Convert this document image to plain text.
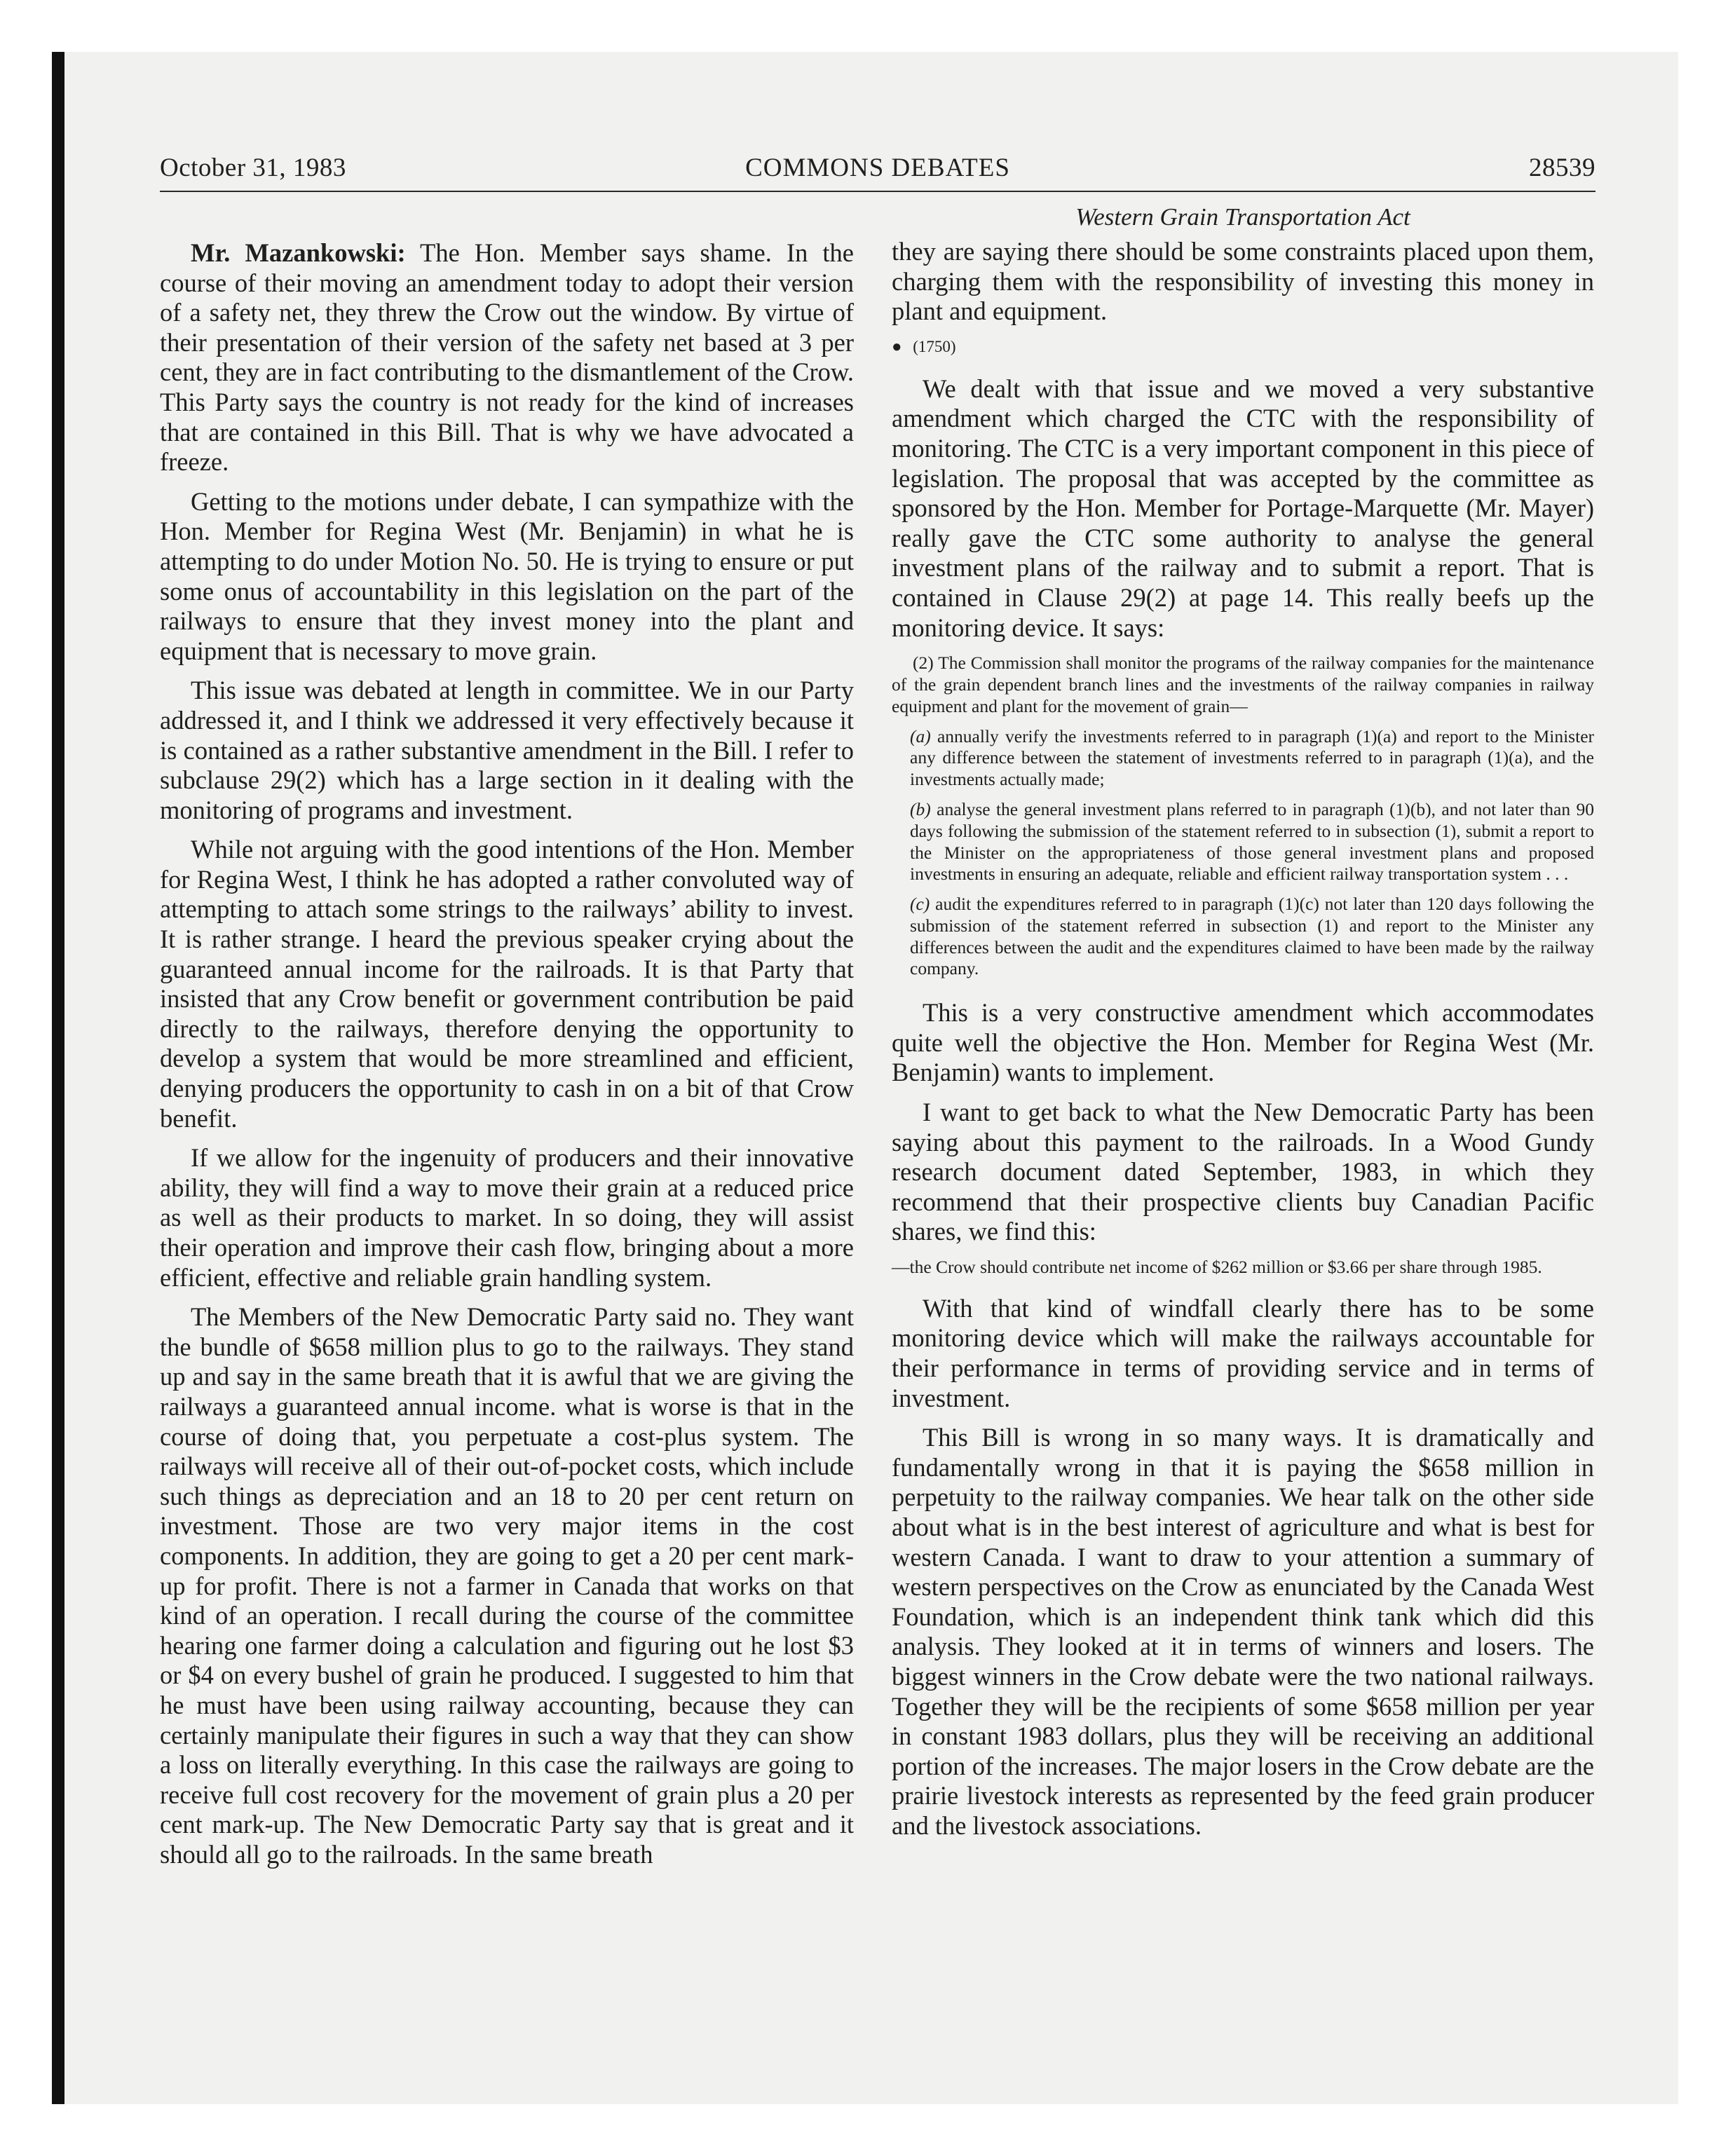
October 31, 1983	COMMONS DEBATES	28539

Mr. Mazankowski: The Hon. Member says shame. In the course of their moving an amendment today to adopt their version of a safety net, they threw the Crow out the window. By virtue of their presentation of their version of the safety net based at 3 per cent, they are in fact contributing to the dismantlement of the Crow. This Party says the country is not ready for the kind of increases that are contained in this Bill. That is why we have advocated a freeze.

Getting to the motions under debate, I can sympathize with the Hon. Member for Regina West (Mr. Benjamin) in what he is attempting to do under Motion No. 50. He is trying to ensure or put some onus of accountability in this legislation on the part of the railways to ensure that they invest money into the plant and equipment that is necessary to move grain.

This issue was debated at length in committee. We in our Party addressed it, and I think we addressed it very effectively because it is contained as a rather substantive amendment in the Bill. I refer to subclause 29(2) which has a large section in it dealing with the monitoring of programs and investment.

While not arguing with the good intentions of the Hon. Member for Regina West, I think he has adopted a rather convoluted way of attempting to attach some strings to the railways’ ability to invest. It is rather strange. I heard the previous speaker crying about the guaranteed annual income for the railroads. It is that Party that insisted that any Crow benefit or government contribution be paid directly to the railways, therefore denying the opportunity to develop a system that would be more streamlined and efficient, denying producers the opportunity to cash in on a bit of that Crow benefit.

If we allow for the ingenuity of producers and their innovative ability, they will find a way to move their grain at a reduced price as well as their products to market. In so doing, they will assist their operation and improve their cash flow, bringing about a more efficient, effective and reliable grain handling system.

The Members of the New Democratic Party said no. They want the bundle of $658 million plus to go to the railways. They stand up and say in the same breath that it is awful that we are giving the railways a guaranteed annual income. what is worse is that in the course of doing that, you perpetuate a cost-plus system. The railways will receive all of their out-of-pocket costs, which include such things as depreciation and an 18 to 20 per cent return on investment. Those are two very major items in the cost components. In addition, they are going to get a 20 per cent mark-up for profit. There is not a farmer in Canada that works on that kind of an operation. I recall during the course of the committee hearing one farmer doing a calculation and figuring out he lost $3 or $4 on every bushel of grain he produced. I suggested to him that he must have been using railway accounting, because they can certainly manipulate their figures in such a way that they can show a loss on literally everything. In this case the railways are going to receive full cost recovery for the movement of grain plus a 20 per cent mark-up. The New Democratic Party say that is great and it should all go to the railroads. In the same breath

Western Grain Transportation Act

they are saying there should be some constraints placed upon them, charging them with the responsibility of investing this money in plant and equipment.

● (1750)

We dealt with that issue and we moved a very substantive amendment which charged the CTC with the responsibility of monitoring. The CTC is a very important component in this piece of legislation. The proposal that was accepted by the committee as sponsored by the Hon. Member for Portage-Marquette (Mr. Mayer) really gave the CTC some authority to analyse the general investment plans of the railway and to submit a report. That is contained in Clause 29(2) at page 14. This really beefs up the monitoring device. It says:

(2) The Commission shall monitor the programs of the railway companies for the maintenance of the grain dependent branch lines and the investments of the railway companies in railway equipment and plant for the movement of grain—
(a) annually verify the investments referred to in paragraph (1)(a) and report to the Minister any difference between the statement of investments referred to in paragraph (1)(a), and the investments actually made;
(b) analyse the general investment plans referred to in paragraph (1)(b), and not later than 90 days following the submission of the statement referred to in subsection (1), submit a report to the Minister on the appropriateness of those general investment plans and proposed investments in ensuring an adequate, reliable and efficient railway transportation system . . .
(c) audit the expenditures referred to in paragraph (1)(c) not later than 120 days following the submission of the statement referred in subsection (1) and report to the Minister any differences between the audit and the expenditures claimed to have been made by the railway company.

This is a very constructive amendment which accommodates quite well the objective the Hon. Member for Regina West (Mr. Benjamin) wants to implement.

I want to get back to what the New Democratic Party has been saying about this payment to the railroads. In a Wood Gundy research document dated September, 1983, in which they recommend that their prospective clients buy Canadian Pacific shares, we find this:

—the Crow should contribute net income of $262 million or $3.66 per share through 1985.

With that kind of windfall clearly there has to be some monitoring device which will make the railways accountable for their performance in terms of providing service and in terms of investment.

This Bill is wrong in so many ways. It is dramatically and fundamentally wrong in that it is paying the $658 million in perpetuity to the railway companies. We hear talk on the other side about what is in the best interest of agriculture and what is best for western Canada. I want to draw to your attention a summary of western perspectives on the Crow as enunciated by the Canada West Foundation, which is an independent think tank which did this analysis. They looked at it in terms of winners and losers. The biggest winners in the Crow debate were the two national railways. Together they will be the recipients of some $658 million per year in constant 1983 dollars, plus they will be receiving an additional portion of the increases. The major losers in the Crow debate are the prairie livestock interests as represented by the feed grain producer and the livestock associations.
